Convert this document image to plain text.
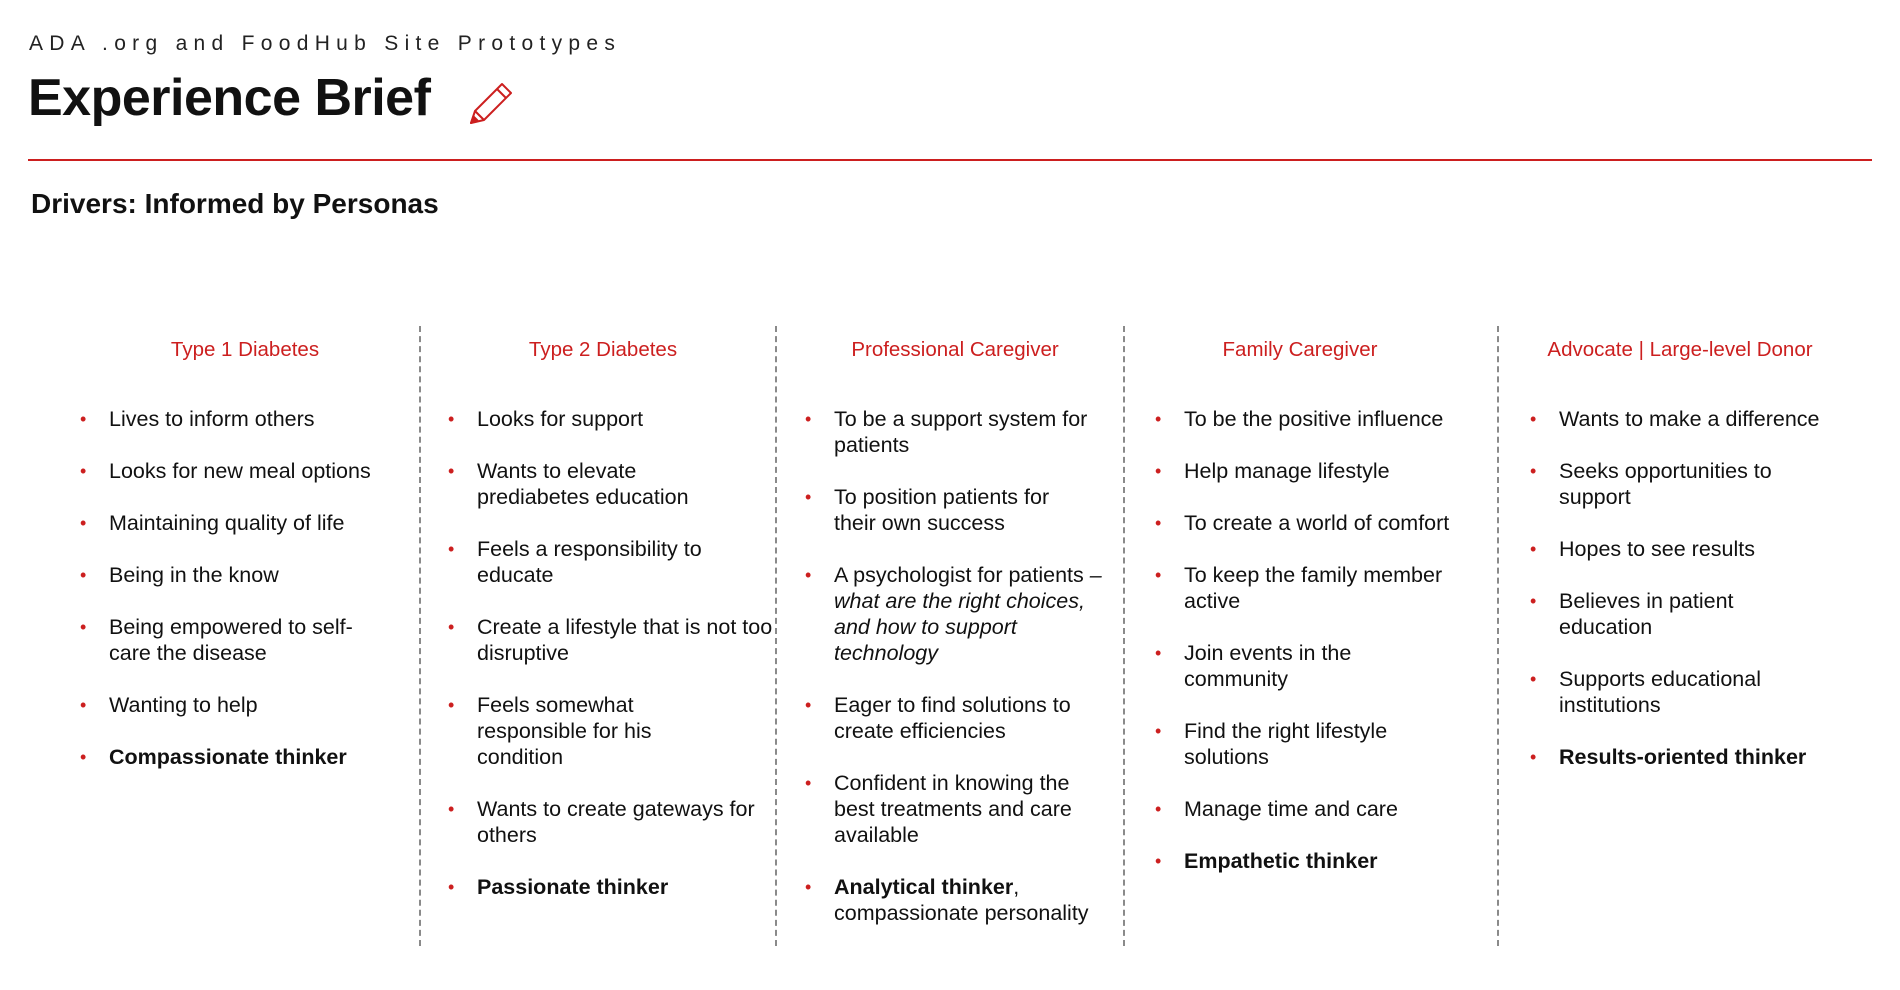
ADA .org and FoodHub Site Prototypes
Experience Brief
Drivers: Informed by Personas
Type 1 Diabetes
• Lives to inform others
• Looks for new meal options
• Maintaining quality of life
• Being in the know
• Being empowered to self-care the disease
• Wanting to help
• Compassionate thinker
Type 2 Diabetes
• Looks for support
• Wants to elevate prediabetes education
• Feels a responsibility to educate
• Create a lifestyle that is not too disruptive
• Feels somewhat responsible for his condition
• Wants to create gateways for others
• Passionate thinker
Professional Caregiver
• To be a support system for patients
• To position patients for their own success
• A psychologist for patients – what are the right choices, and how to support technology
• Eager to find solutions to create efficiencies
• Confident in knowing the best treatments and care available
• Analytical thinker, compassionate personality
Family Caregiver
• To be the positive influence
• Help manage lifestyle
• To create a world of comfort
• To keep the family member active
• Join events in the community
• Find the right lifestyle solutions
• Manage time and care
• Empathetic thinker
Advocate | Large-level Donor
• Wants to make a difference
• Seeks opportunities to support
• Hopes to see results
• Believes in patient education
• Supports educational institutions
• Results-oriented thinker
